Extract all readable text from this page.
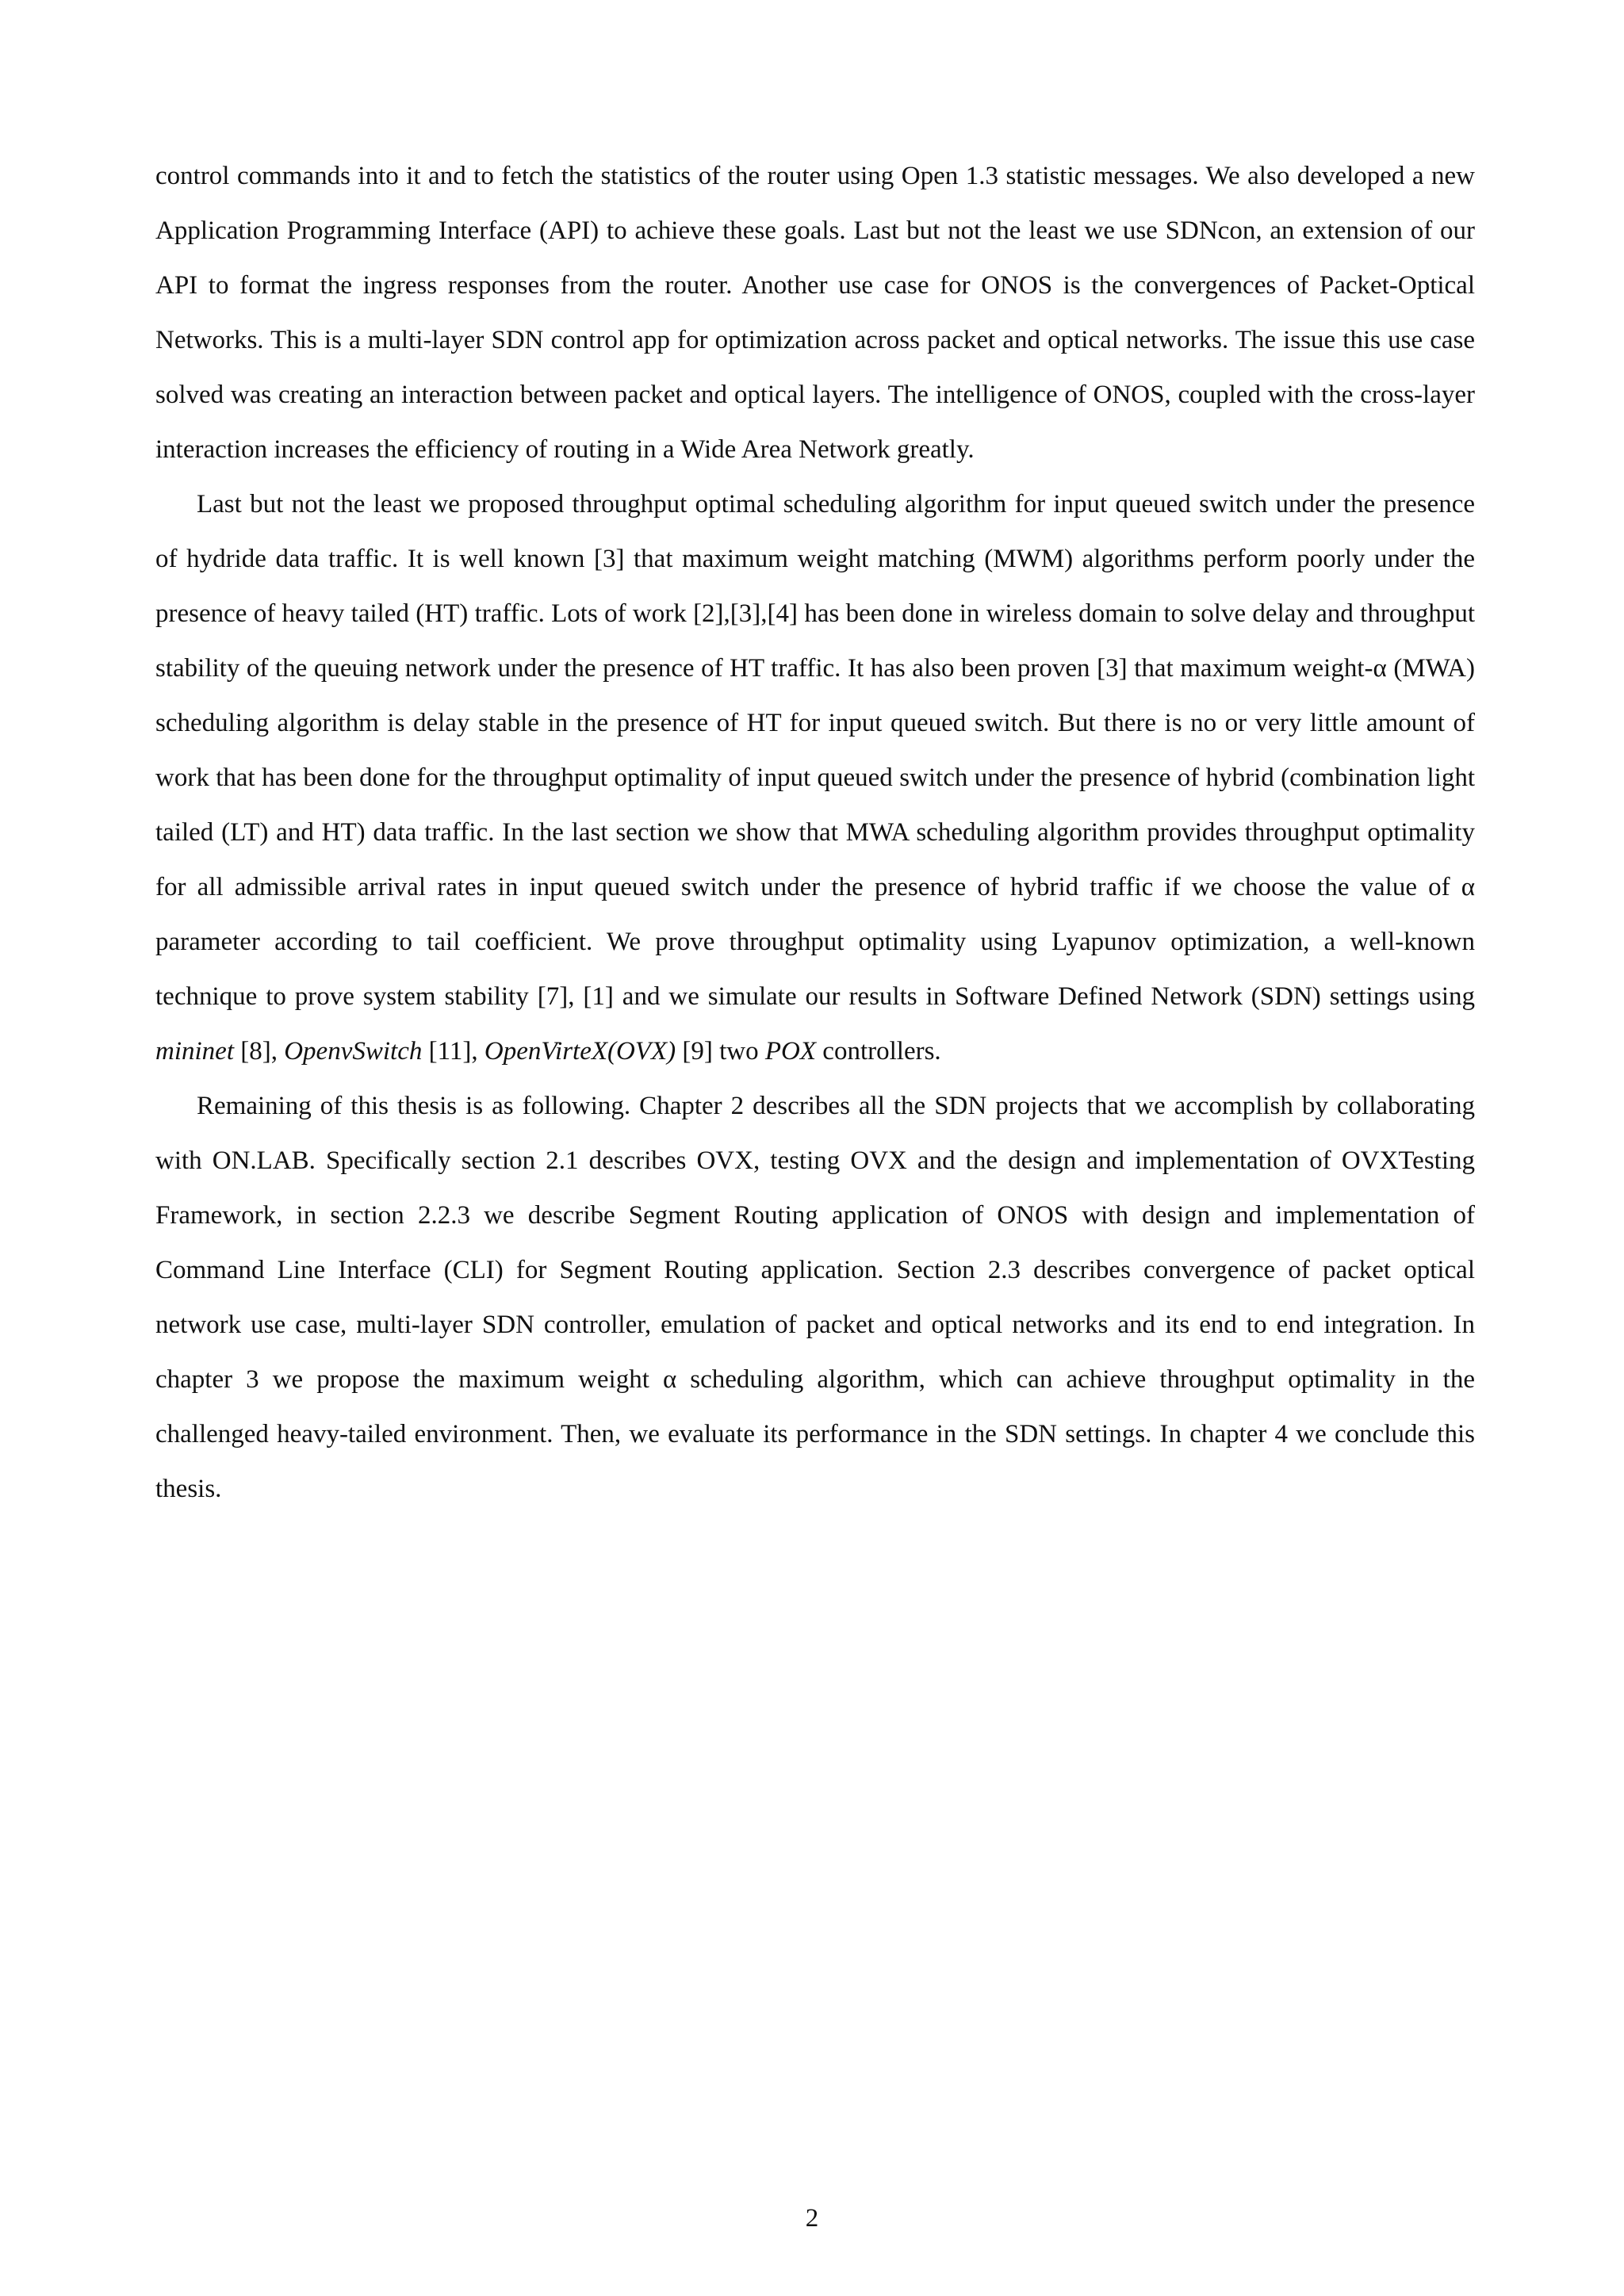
control commands into it and to fetch the statistics of the router using Open 1.3 statistic messages. We also developed a new Application Programming Interface (API) to achieve these goals. Last but not the least we use SDNcon, an extension of our API to format the ingress responses from the router. Another use case for ONOS is the convergences of Packet-Optical Networks. This is a multi-layer SDN control app for optimization across packet and optical networks. The issue this use case solved was creating an interaction between packet and optical layers. The intelligence of ONOS, coupled with the cross-layer interaction increases the efficiency of routing in a Wide Area Network greatly.

Last but not the least we proposed throughput optimal scheduling algorithm for input queued switch under the presence of hydride data traffic. It is well known [3] that maximum weight matching (MWM) algorithms perform poorly under the presence of heavy tailed (HT) traffic. Lots of work [2],[3],[4] has been done in wireless domain to solve delay and throughput stability of the queuing network under the presence of HT traffic. It has also been proven [3] that maximum weight-α (MWA) scheduling algorithm is delay stable in the presence of HT for input queued switch. But there is no or very little amount of work that has been done for the throughput optimality of input queued switch under the presence of hybrid (combination light tailed (LT) and HT) data traffic. In the last section we show that MWA scheduling algorithm provides throughput optimality for all admissible arrival rates in input queued switch under the presence of hybrid traffic if we choose the value of α parameter according to tail coefficient. We prove throughput optimality using Lyapunov optimization, a well-known technique to prove system stability [7], [1] and we simulate our results in Software Defined Network (SDN) settings using mininet [8], OpenvSwitch [11], OpenVirteX(OVX) [9] two POX controllers.

Remaining of this thesis is as following. Chapter 2 describes all the SDN projects that we accomplish by collaborating with ON.LAB. Specifically section 2.1 describes OVX, testing OVX and the design and implementation of OVXTesting Framework, in section 2.2.3 we describe Segment Routing application of ONOS with design and implementation of Command Line Interface (CLI) for Segment Routing application. Section 2.3 describes convergence of packet optical network use case, multi-layer SDN controller, emulation of packet and optical networks and its end to end integration. In chapter 3 we propose the maximum weight α scheduling algorithm, which can achieve throughput optimality in the challenged heavy-tailed environment. Then, we evaluate its performance in the SDN settings. In chapter 4 we conclude this thesis.

2
